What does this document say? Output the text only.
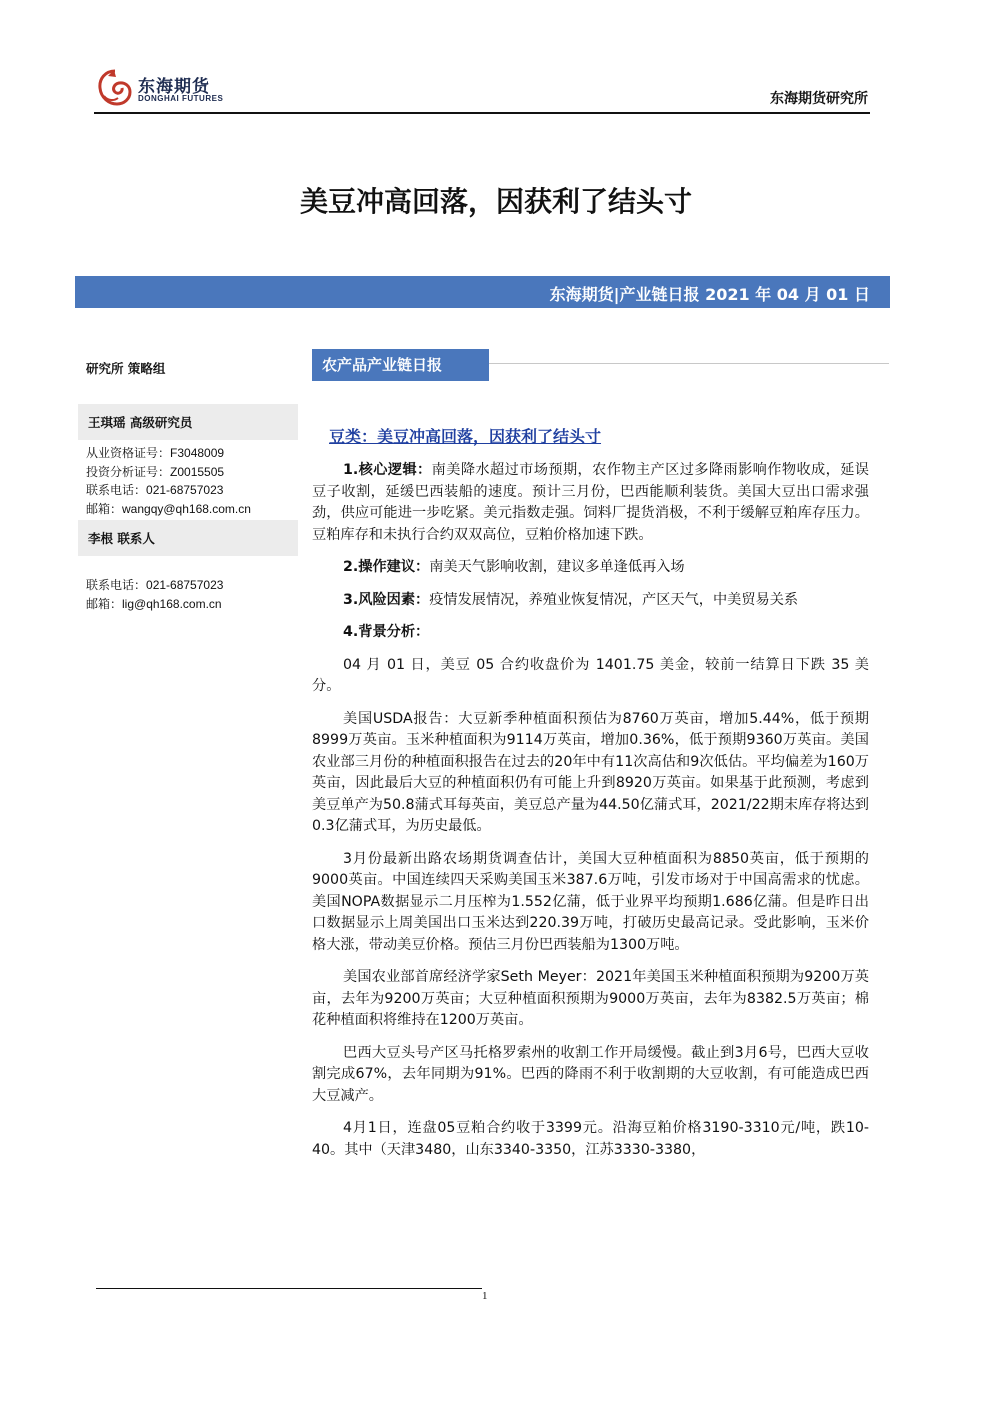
东海期货
DONGHAI FUTURES	东海期货研究所
美豆冲高回落，因获利了结头寸
东海期货|产业链日报 2021 年 04 月 01 日
研究所 策略组
王琪瑶 高级研究员
从业资格证号：F3048009
投资分析证号：Z0015505
联系电话：021-68757023
邮箱：wangqy@qh168.com.cn
李根 联系人
联系电话：021-68757023
邮箱：lig@qh168.com.cn
农产品产业链日报
豆类：美豆冲高回落，因获利了结头寸

1.核心逻辑：南美降水超过市场预期，农作物主产区过多降雨影响作物收成，延误豆子收割，延缓巴西装船的速度。预计三月份，巴西能顺利装货。美国大豆出口需求强劲，供应可能进一步吃紧。美元指数走强。饲料厂提货消极，不利于缓解豆粕库存压力。豆粕库存和未执行合约双双高位，豆粕价格加速下跌。

2.操作建议：南美天气影响收割，建议多单逢低再入场

3.风险因素：疫情发展情况，养殖业恢复情况，产区天气，中美贸易关系

4.背景分析：

04 月 01 日，美豆 05 合约收盘价为 1401.75 美金，较前一结算日下跌 35 美分。

美国USDA报告：大豆新季种植面积预估为8760万英亩，增加5.44%，低于预期8999万英亩。玉米种植面积为9114万英亩，增加0.36%，低于预期9360万英亩。美国农业部三月份的种植面积报告在过去的20年中有11次高估和9次低估。平均偏差为160万英亩，因此最后大豆的种植面积仍有可能上升到8920万英亩。如果基于此预测，考虑到美豆单产为50.8蒲式耳每英亩，美豆总产量为44.50亿蒲式耳，2021/22期末库存将达到0.3亿蒲式耳，为历史最低。

3月份最新出路农场期货调查估计，美国大豆种植面积为8850英亩，低于预期的9000英亩。中国连续四天采购美国玉米387.6万吨，引发市场对于中国高需求的忧虑。美国NOPA数据显示二月压榨为1.552亿蒲，低于业界平均预期1.686亿蒲。但是昨日出口数据显示上周美国出口玉米达到220.39万吨，打破历史最高记录。受此影响，玉米价格大涨，带动美豆价格。预估三月份巴西装船为1300万吨。

美国农业部首席经济学家Seth Meyer：2021年美国玉米种植面积预期为9200万英亩，去年为9200万英亩；大豆种植面积预期为9000万英亩，去年为8382.5万英亩；棉花种植面积将维持在1200万英亩。

巴西大豆头号产区马托格罗索州的收割工作开局缓慢。截止到3月6号，巴西大豆收割完成67%，去年同期为91%。巴西的降雨不利于收割期的大豆收割，有可能造成巴西大豆减产。

4月1日，连盘05豆粕合约收于3399元。沿海豆粕价格3190-3310元/吨，跌10-40。其中（天津3480，山东3340-3350，江苏3330-3380，

1
